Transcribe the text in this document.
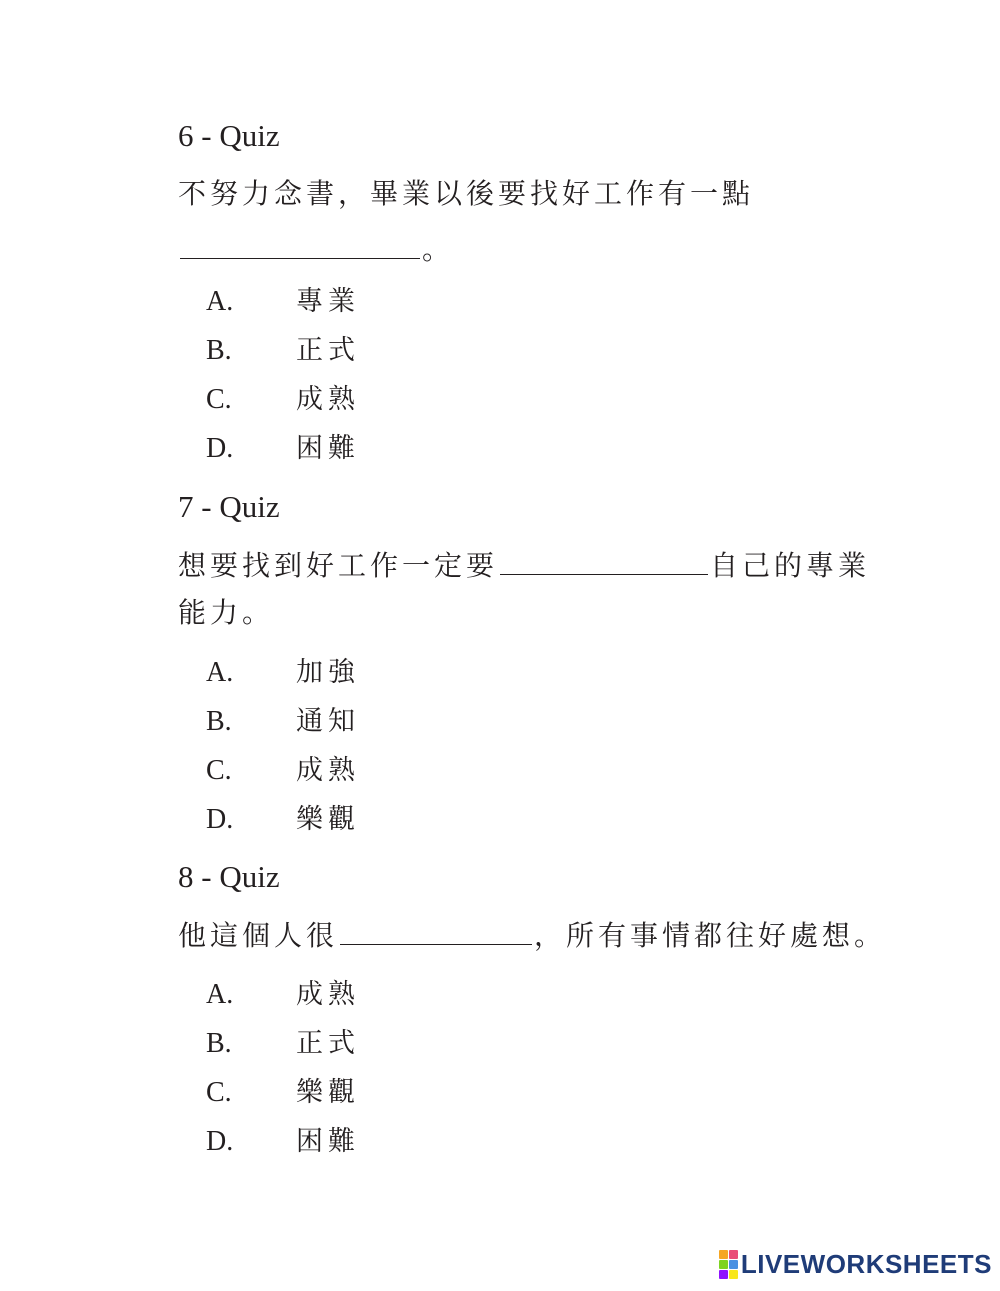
6 - Quiz
不努力念書，畢業以後要找好工作有一點
。
A. 專業
B. 正式
C. 成熟
D. 困難
7 - Quiz
想要找到好工作一定要	自己的專業
能力。
A. 加強
B. 通知
C. 成熟
D. 樂觀
8 - Quiz
他這個人很	，所有事情都往好處想。
A. 成熟
B. 正式
C. 樂觀
D. 困難
LIVEWORKSHEETS
